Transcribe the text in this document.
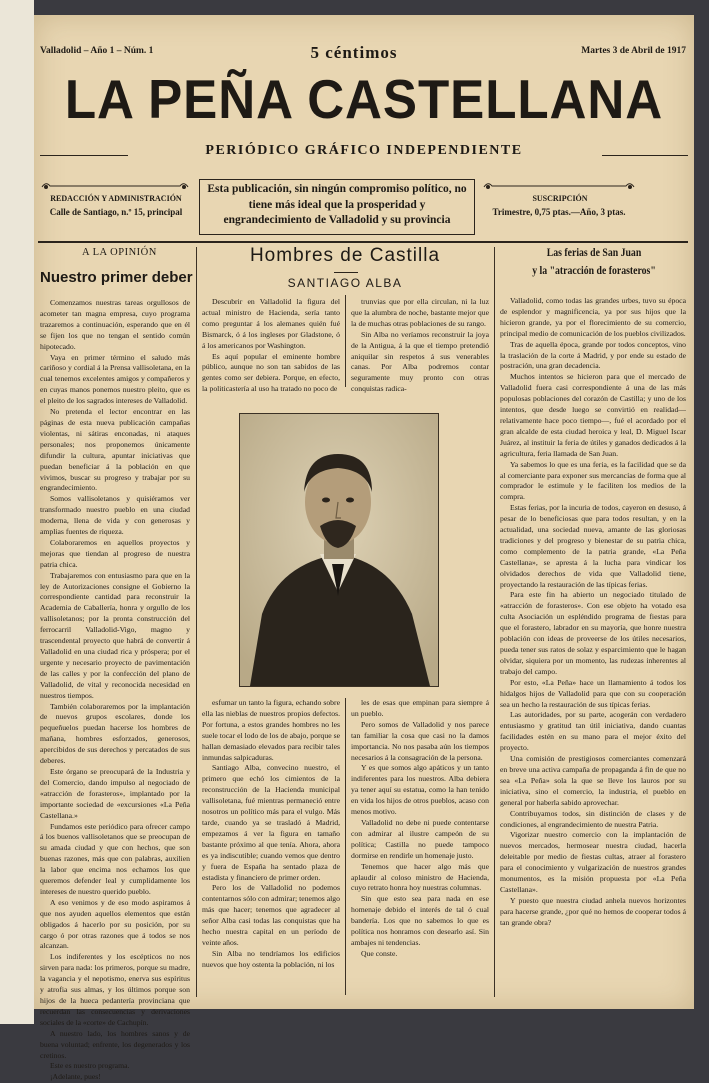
Valladolid – Año 1 – Núm. 1	5 céntimos	Martes 3 de Abril de 1917
LA PEÑA CASTELLANA
PERIÓDICO GRÁFICO INDEPENDIENTE
REDACCIÓN Y ADMINISTRACIÓN
Calle de Santiago, n.º 15, principal
Esta publicación, sin ningún compromiso político, no tiene más ideal que la prosperidad y engrandecimiento de Valladolid y su provincia
SUSCRIPCIÓN
Trimestre, 0,75 ptas.—Año, 3 ptas.
A LA OPINIÓN
Nuestro primer deber

Comenzamos nuestras tareas orgullosos de acometer tan magna empresa, cuyo programa trazaremos a continuación, esperando que en él se fijen los que no tengan el sentido común hipotecado.

Vaya en primer término el saludo más cariñoso y cordial á la Prensa vallisoletana, en la cual tenemos excelentes amigos y compañeros y en cuyas manos ponemos nuestro pleito, que es el pleito de los sagrados intereses de Valladolid.

No pretenda el lector encontrar en las páginas de esta nueva publicación campañas violentas, ni sátiras enconadas, ni ataques personales; nos proponemos únicamente difundir la cultura, apuntar iniciativas que puedan beneficiar á la población en que vivimos, buscar su progreso y trabajar por su engrandecimiento.

Somos vallisoletanos y quisiéramos ver transformado nuestro pueblo en una ciudad moderna, llena de vida y con generosas y amplias fuentes de riqueza.

Colaboraremos en aquellos proyectos y mejoras que tiendan al progreso de nuestra patria chica.

Trabajaremos con entusiasmo para que en la ley de Autorizaciones consigne el Gobierno la correspondiente cantidad para reconstruir la Academia de Caballería, honra y orgullo de los vallisoletanos; por la pronta construcción del ferrocarril Valladolid-Vigo, magno y trascendental proyecto que habrá de convertir á Valladolid en una ciudad rica y próspera; por el urgente y necesario proyecto de pavimentación de las calles y por la confección del plano de Valladolid, de vital y reconocida necesidad en nuestros tiempos.

También colaboraremos por la implantación de nuevos grupos escolares, donde los pequeñuelos puedan hacerse los hombres de mañana, hombres esforzados, generosos, apercibidos de sus derechos y percatados de sus deberes.

Este órgano se preocupará de la Industria y del Comercio, dando impulso al negociado de «atracción de forasteros», implantado por la importante sociedad de «excursiones «La Peña Castellana.»

Fundamos este periódico para ofrecer campo á los buenos vallisoletanos que se preocupan de su amada ciudad y que con hechos, que son buenas razones, más que con palabras, auxilien la labor que encima nos echamos los que queremos defender leal y cumplidamente los intereses de nuestro querido pueblo.

A eso venimos y de eso modo aspiramos á que nos ayuden aquellos elementos que están obligados á hacerlo por su posición, por su cargo ó por otras razones que á todos se nos alcanzan.

Los indiferentes y los escépticos no nos sirven para nada: los primeros, porque su madre, la vagancia y el nepotismo, enerva sus espíritus y atrofia sus almas, y los últimos porque son hijos de la hueca pedantería provinciana que recuerdan las consecuencias y derivaciones sociales de la «corte» de Cachupín.

A nuestro lado, los hombres sanos y de buena voluntad; enfrente, los degenerados y los cretinos.

Este es nuestro programa.

¡Adelante, pues!

Hombres de Castilla
SANTIAGO ALBA

Descubrir en Valladolid la figura del actual ministro de Hacienda, sería tanto como preguntar á los alemanes quién fué Bismarck, ó á los ingleses por Gladstone, ó á los americanos por Washington.

Es aquí popular el eminente hombre público, aunque no son tan sabidos de las gentes como ser debiera. Porque, en efecto, la politicastería al uso ha tratado no poco de

trunvias que por ella circulan, ni la luz que la alumbra de noche, bastante mejor que la de muchas otras poblaciones de su rango.

Sin Alba no veríamos reconstruir la joya de la Antigua, á la que el tiempo pretendió aniquilar sin respetos á sus venerables canas. Por Alba podremos contar seguramente muy pronto con otras conquistas radica-

esfumar un tanto la figura, echando sobre ella las nieblas de nuestros propios defectos. Por fortuna, a estos grandes hombres no les suele tocar el lodo de los de abajo, porque se hallan demasiado elevados para recibir tales inmundas salpicaduras.

Santiago Alba, convecino nuestro, el primero que echó los cimientos de la reconstrucción de la Hacienda municipal vallisoletana, fué mientras permaneció entre nosotros un político más para el vulgo. Más tarde, cuando ya se trasladó á Madrid, empezamos á ver la figura en tamaño bastante próximo al que tenía. Ahora, ahora es ya indiscutible; cuando vemos que dentro y fuera de España ha sentado plaza de estadista y financiero de primer orden.

Pero los de Valladolid no podemos contentarnos sólo con admirar; tenemos algo más que hacer; tenemos que agradecer al señor Alba casi todas las conquistas que ha hecho nuestra capital en un período de veinte años.

Sin Alba no tendríamos los edificios nuevos que hoy ostenta la población, ni los

les de esas que empinan para siempre á un pueblo.

Pero somos de Valladolid y nos parece tan familiar la cosa que casi no la damos importancia. No nos pasaba aún los tiempos necesarios á la consagración de la persona.

Y es que somos algo apáticos y un tanto indiferentes para los nuestros. Alba debiera ya tener aquí su estatua, como la han tenido en vida los hijos de otros pueblos, acaso con menos motivo.

Valladolid no debe ni puede contentarse con admirar al ilustre campeón de su política; Castilla no puede tampoco dormirse en rendirle un homenaje justo.

Tenemos que hacer algo más que aplaudir al coloso ministro de Hacienda, cuyo retrato honra hoy nuestras columnas.

Sin que esto sea para nada en ese homenaje debido el interés de tal ó cual bandería. Los que no sabemos lo que es política nos honramos con desearlo así. Sin ambajes ni tendencias.

Que conste.

Las ferias de San Juan
y la "atracción de forasteros"

Valladolid, como todas las grandes urbes, tuvo su época de esplendor y magnificencia, ya por sus hijos que la hicieron grande, ya por el florecimiento de su comercio, principal medio de comunicación de los pueblos civilizados.

Tras de aquella época, grande por todos conceptos, vino la traslación de la corte á Madrid, y por ende su estado de postración, una gran decadencia.

Muchos intentos se hicieron para que el mercado de Valladolid fuera casi correspondiente á una de las más populosas poblaciones del corazón de Castilla; y uno de los intentos, que desde luego se convirtió en realidad—relativamente hace poco tiempo—, fué el acordado por el gran alcalde de esta ciudad heroica y leal, D. Miguel Iscar Juárez, al instituir la feria de útiles y ganados dedicados á la agricultura, feria llamada de San Juan.

Ya sabemos lo que es una feria, es la facilidad que se da al comerciante para exponer sus mercancías de forma que al comprador le estimule y le faciliten los medios de la compra.

Estas ferias, por la incuria de todos, cayeron en desuso, á pesar de lo beneficiosas que para todos resultan, y en la actualidad, una sociedad nueva, amante de las gloriosas tradiciones y del progreso y bienestar de su patria chica, como complemento de la patria grande, «La Peña Castellana», se apresta á la lucha para vindicar los olvidados derechos de vida que Valladolid tiene, proyectando la restauración de las típicas ferias.

Para este fin ha abierto un negociado titulado de «atracción de forasteros». Con ese objeto ha votado esa culta Asociación un espléndido programa de fiestas para que el forastero, labrador en su mayoría, que honre nuestra población con ideas de proveerse de los útiles necesarios, pueda tener sus ratos de solaz y esparcimiento que le hagan olvidar, siquiera por un momento, las rudezas inherentes al trabajo del campo.

Por esto, «La Peña» hace un llamamiento á todos los hidalgos hijos de Valladolid para que con su cooperación sea un hecho la restauración de sus típicas ferias.

Las autoridades, por su parte, acogerán con verdadero entusiasmo y gratitud tan útil iniciativa, dando cuantas facilidades estén en su mano para el mejor éxito del proyecto.

Una comisión de prestigiosos comerciantes comenzará en breve una activa campaña de propaganda á fin de que no sea «La Peña» sola la que se lleve los lauros por su iniciativa, sino el comercio, la industria, el pueblo en general por haberla sabido aprovechar.

Contribuyamos todos, sin distinción de clases y de condiciones, al engrandecimiento de nuestra Patria.

Vigorizar nuestro comercio con la implantación de nuevos mercados, hermosear nuestra ciudad, hacerla deleitable por medio de fiestas cultas, atraer al forastero para el conocimiento y vulgarización de nuestros grandes monumentos, es la misión propuesta por «La Peña Castellana».

Y puesto que nuestra ciudad anhela nuevos horizontes para hacerse grande, ¿por qué no hemos de cooperar todos á tan grande obra?
